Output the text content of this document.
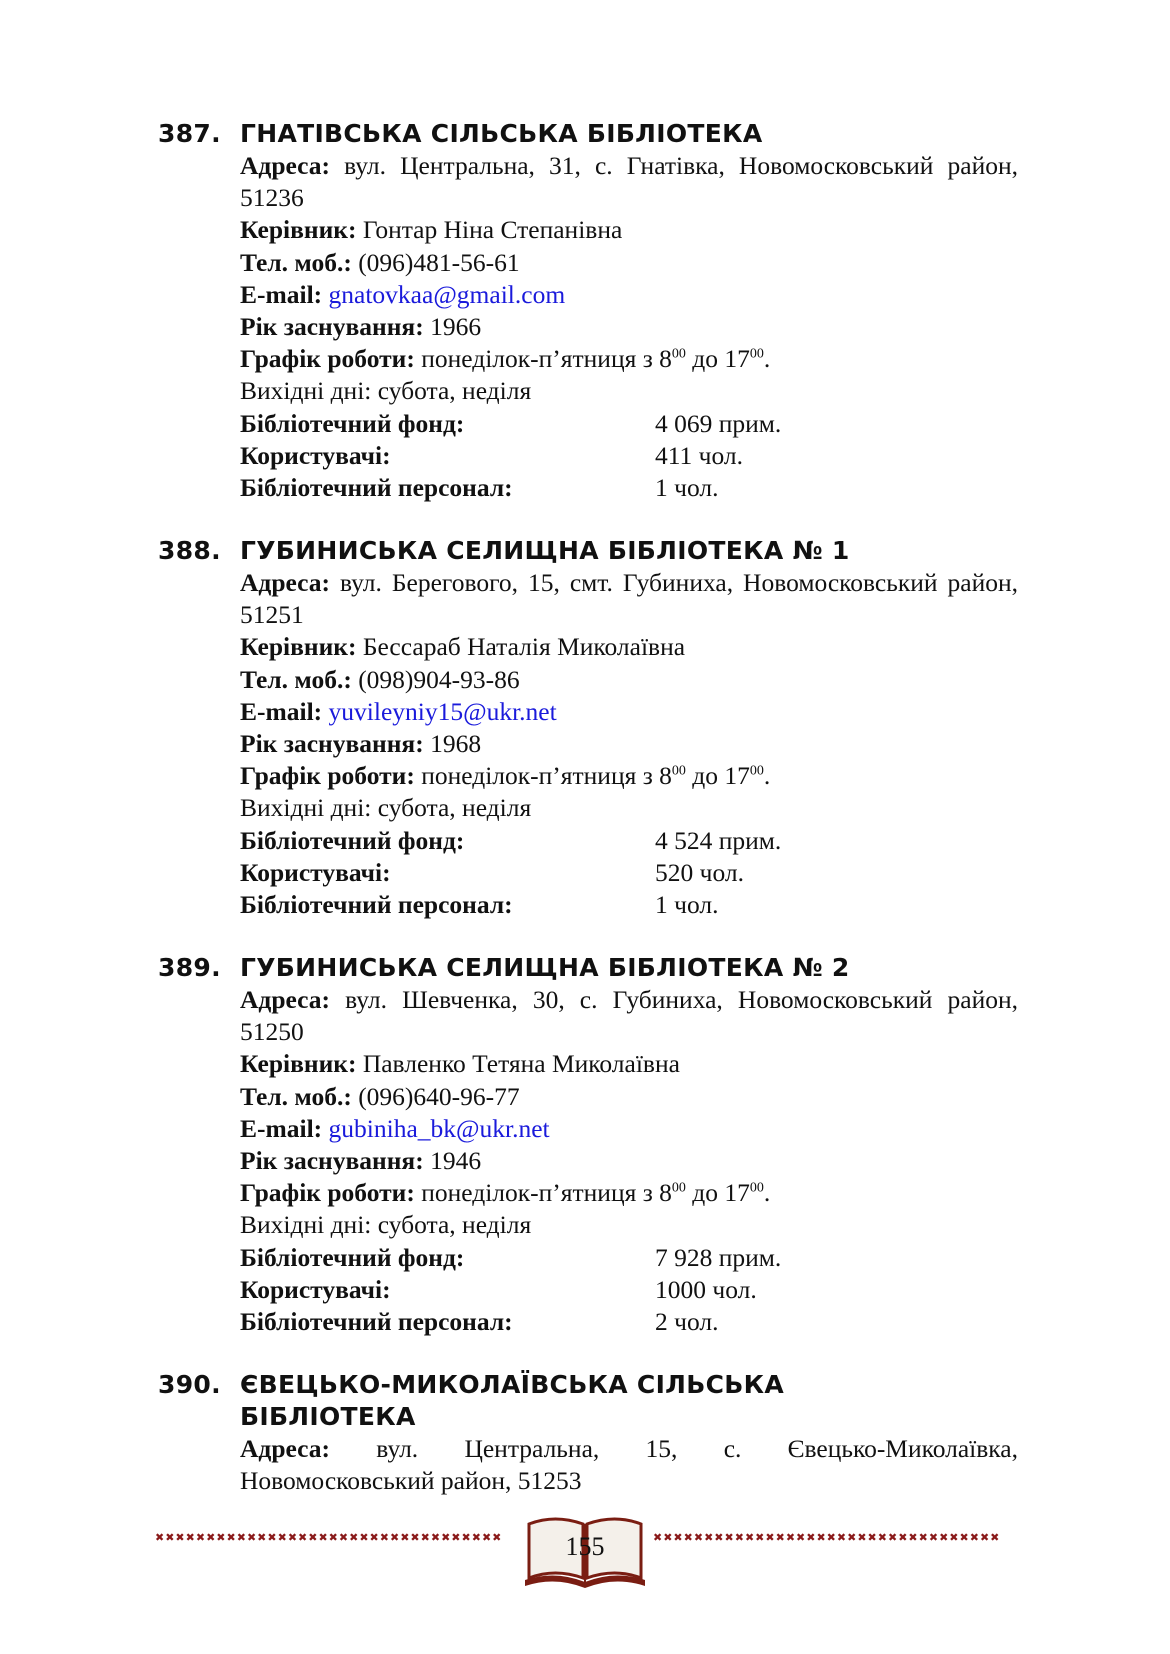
387. ГНАТІВСЬКА СІЛЬСЬКА БІБЛІОТЕКА
Адреса: вул. Центральна, 31, с. Гнатівка, Новомосковський район, 51236
Керівник: Гонтар Ніна Степанівна
Тел. моб.: (096)481-56-61
E-mail: gnatovkaa@gmail.com
Рік заснування: 1966
Графік роботи: понеділок-п’ятниця з $8^{00}$ до $17^{00}$.
Вихідні дні: субота, неділя
Бібліотечний фонд:	4 069 прим.
Користувачі:	411 чол.
Бібліотечний персонал:	1 чол.
388. ГУБИНИСЬКА СЕЛИЩНА БІБЛІОТЕКА № 1
Адреса: вул. Берегового, 15, смт. Губиниха, Новомосковський район, 51251
Керівник: Бессараб Наталія Миколаївна
Тел. моб.: (098)904-93-86
E-mail: yuvileyniy15@ukr.net
Рік заснування: 1968
Графік роботи: понеділок-п’ятниця з $8^{00}$ до $17^{00}$.
Вихідні дні: субота, неділя
Бібліотечний фонд:	4 524 прим.
Користувачі:	520 чол.
Бібліотечний персонал:	1 чол.
389. ГУБИНИСЬКА СЕЛИЩНА БІБЛІОТЕКА № 2
Адреса: вул. Шевченка, 30, с. Губиниха, Новомосковський район, 51250
Керівник: Павленко Тетяна Миколаївна
Тел. моб.: (096)640-96-77
E-mail: gubiniha_bk@ukr.net
Рік заснування: 1946
Графік роботи: понеділок-п’ятниця з $8^{00}$ до $17^{00}$.
Вихідні дні: субота, неділя
Бібліотечний фонд:	7 928 прим.
Користувачі:	1000 чол.
Бібліотечний персонал:	2 чол.
390. ЄВЕЦЬКО-МИКОЛАЇВСЬКА СІЛЬСЬКА
БІБЛІОТЕКА
Адреса: вул. Центральна, 15, с. Євецько-Миколаївка,
Новомосковський район, 51253
✖✖✖✖✖✖✖✖✖✖✖✖✖✖✖✖✖✖✖✖✖✖✖✖✖✖✖✖✖✖✖✖✖✖	155	✖✖✖✖✖✖✖✖✖✖✖✖✖✖✖✖✖✖✖✖✖✖✖✖✖✖✖✖✖✖✖✖✖✖
